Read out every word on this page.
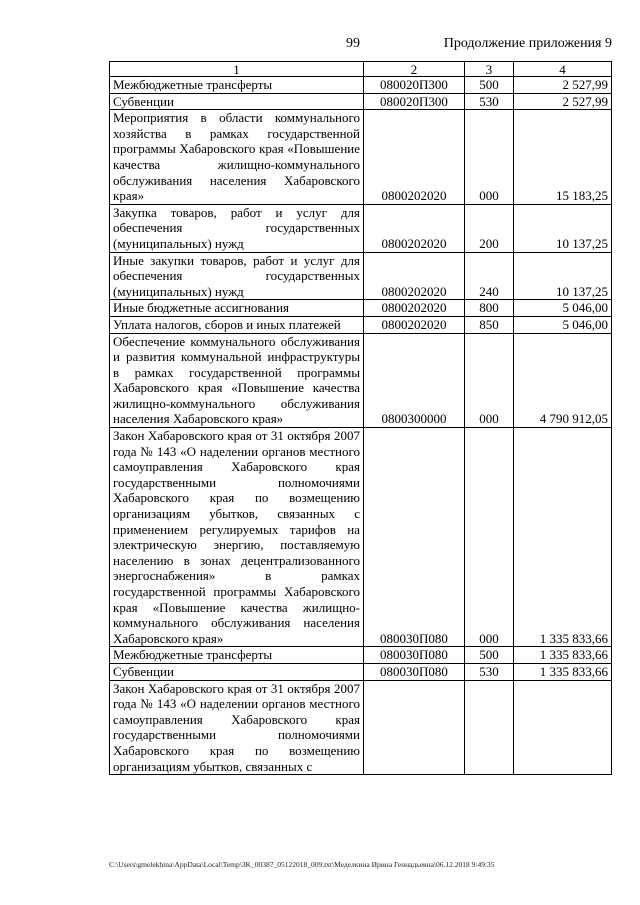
99	Продолжение приложения 9
1	2	3	4
Межбюджетные трансферты	080020П300	500	2 527,99
Субвенции	080020П300	530	2 527,99
Мероприятия в области коммунального хозяйства в рамках государственной программы Хабаровского края «Повышение качества жилищно-коммунального обслуживания населения Хабаровского края»	0800202020	000	15 183,25
Закупка товаров, работ и услуг для обеспечения государственных (муниципальных) нужд	0800202020	200	10 137,25
Иные закупки товаров, работ и услуг для обеспечения государственных (муниципальных) нужд	0800202020	240	10 137,25
Иные бюджетные ассигнования	0800202020	800	5 046,00
Уплата налогов, сборов и иных платежей	0800202020	850	5 046,00
Обеспечение коммунального обслуживания и развития коммунальной инфраструктуры в рамках государственной программы Хабаровского края «Повышение качества жилищно-коммунального обслуживания населения Хабаровского края»	0800300000	000	4 790 912,05
Закон Хабаровского края от 31 октября 2007 года № 143 «О наделении органов местного самоуправления Хабаровского края государственными полномочиями Хабаровского края по возмещению организациям убытков, связанных с применением регулируемых тарифов на электрическую энергию, поставляемую населению в зонах децентрализованного энергоснабжения» в рамках государственной программы Хабаровского края «Повышение качества жилищно-коммунального обслуживания населения Хабаровского края»	080030П080	000	1 335 833,66
Межбюджетные трансферты	080030П080	500	1 335 833,66
Субвенции	080030П080	530	1 335 833,66
Закон Хабаровского края от 31 октября 2007 года № 143 «О наделении органов местного самоуправления Хабаровского края государственными полномочиями Хабаровского края по возмещению организациям убытков, связанных с			
C:\Users\gmelekhina\AppData\Local\Temp\3K_00387_05122018_009.txt\Меделкина Ирина Геннадьевна\06.12.2018 9:49:35
